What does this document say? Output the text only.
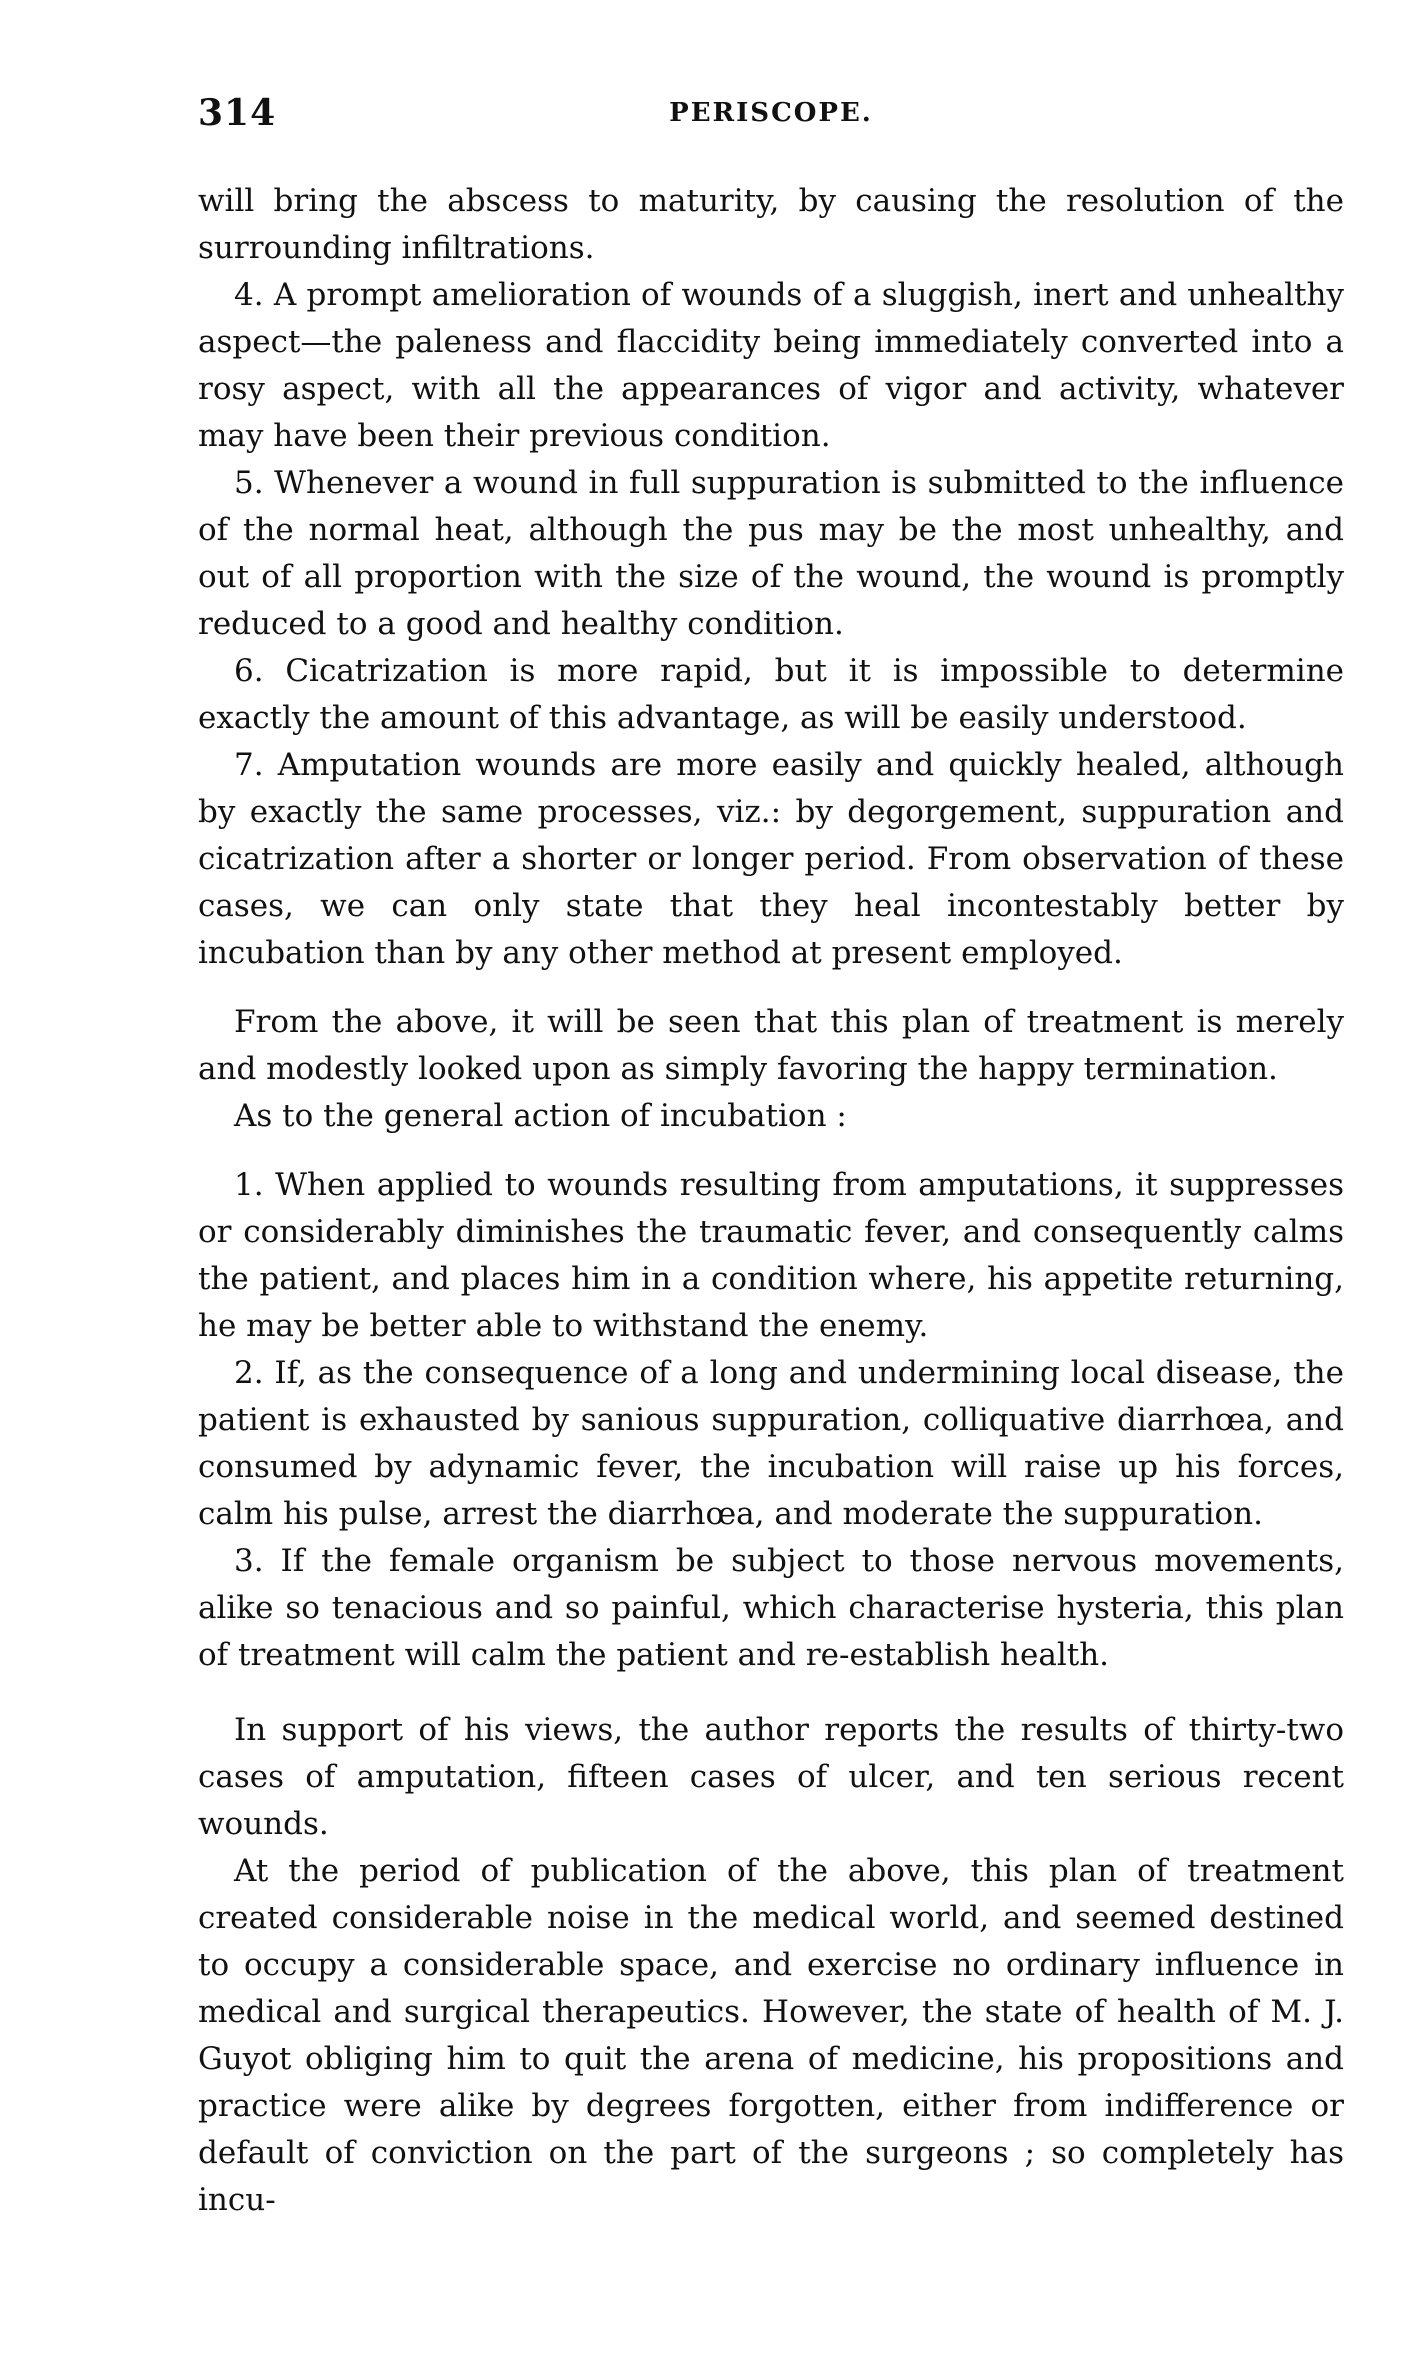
314	PERISCOPE.

will bring the abscess to maturity, by causing the resolution of the surrounding infiltrations.

4. A prompt amelioration of wounds of a sluggish, inert and unhealthy aspect—the paleness and flaccidity being immediately converted into a rosy aspect, with all the appearances of vigor and activity, whatever may have been their previous condition.

5. Whenever a wound in full suppuration is submitted to the influence of the normal heat, although the pus may be the most unhealthy, and out of all proportion with the size of the wound, the wound is promptly reduced to a good and healthy condition.

6. Cicatrization is more rapid, but it is impossible to determine exactly the amount of this advantage, as will be easily understood.

7. Amputation wounds are more easily and quickly healed, although by exactly the same processes, viz.: by degorgement, suppuration and cicatrization after a shorter or longer period. From observation of these cases, we can only state that they heal incontestably better by incubation than by any other method at present employed.

From the above, it will be seen that this plan of treatment is merely and modestly looked upon as simply favoring the happy termination.

As to the general action of incubation :

1. When applied to wounds resulting from amputations, it suppresses or considerably diminishes the traumatic fever, and consequently calms the patient, and places him in a condition where, his appetite returning, he may be better able to withstand the enemy.

2. If, as the consequence of a long and undermining local disease, the patient is exhausted by sanious suppuration, colliquative diarrhœa, and consumed by adynamic fever, the incubation will raise up his forces, calm his pulse, arrest the diarrhœa, and moderate the suppuration.

3. If the female organism be subject to those nervous movements, alike so tenacious and so painful, which characterise hysteria, this plan of treatment will calm the patient and re-establish health.

In support of his views, the author reports the results of thirty-two cases of amputation, fifteen cases of ulcer, and ten serious recent wounds.

At the period of publication of the above, this plan of treatment created considerable noise in the medical world, and seemed destined to occupy a considerable space, and exercise no ordinary influence in medical and surgical therapeutics. However, the state of health of M. J. Guyot obliging him to quit the arena of medicine, his propositions and practice were alike by degrees forgotten, either from indifference or default of conviction on the part of the surgeons ; so completely has incu-
